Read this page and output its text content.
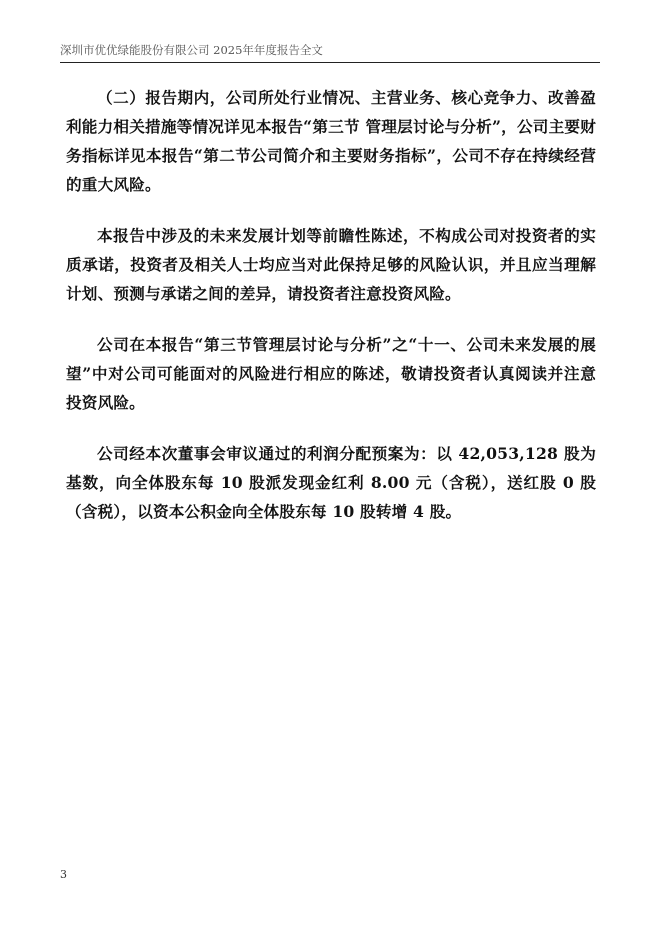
深圳市优优绿能股份有限公司 2025年年度报告全文

（二）报告期内，公司所处行业情况、主营业务、核心竞争力、改善盈利能力相关措施等情况详见本报告“第三节 管理层讨论与分析”，公司主要财务指标详见本报告“第二节公司简介和主要财务指标”，公司不存在持续经营的重大风险。

本报告中涉及的未来发展计划等前瞻性陈述，不构成公司对投资者的实质承诺，投资者及相关人士均应当对此保持足够的风险认识，并且应当理解计划、预测与承诺之间的差异，请投资者注意投资风险。

公司在本报告“第三节管理层讨论与分析”之“十一、公司未来发展的展望”中对公司可能面对的风险进行相应的陈述，敬请投资者认真阅读并注意投资风险。

公司经本次董事会审议通过的利润分配预案为：以 42,053,128 股为基数，向全体股东每 10 股派发现金红利 8.00 元（含税），送红股 0 股（含税），以资本公积金向全体股东每 10 股转增 4 股。

3
